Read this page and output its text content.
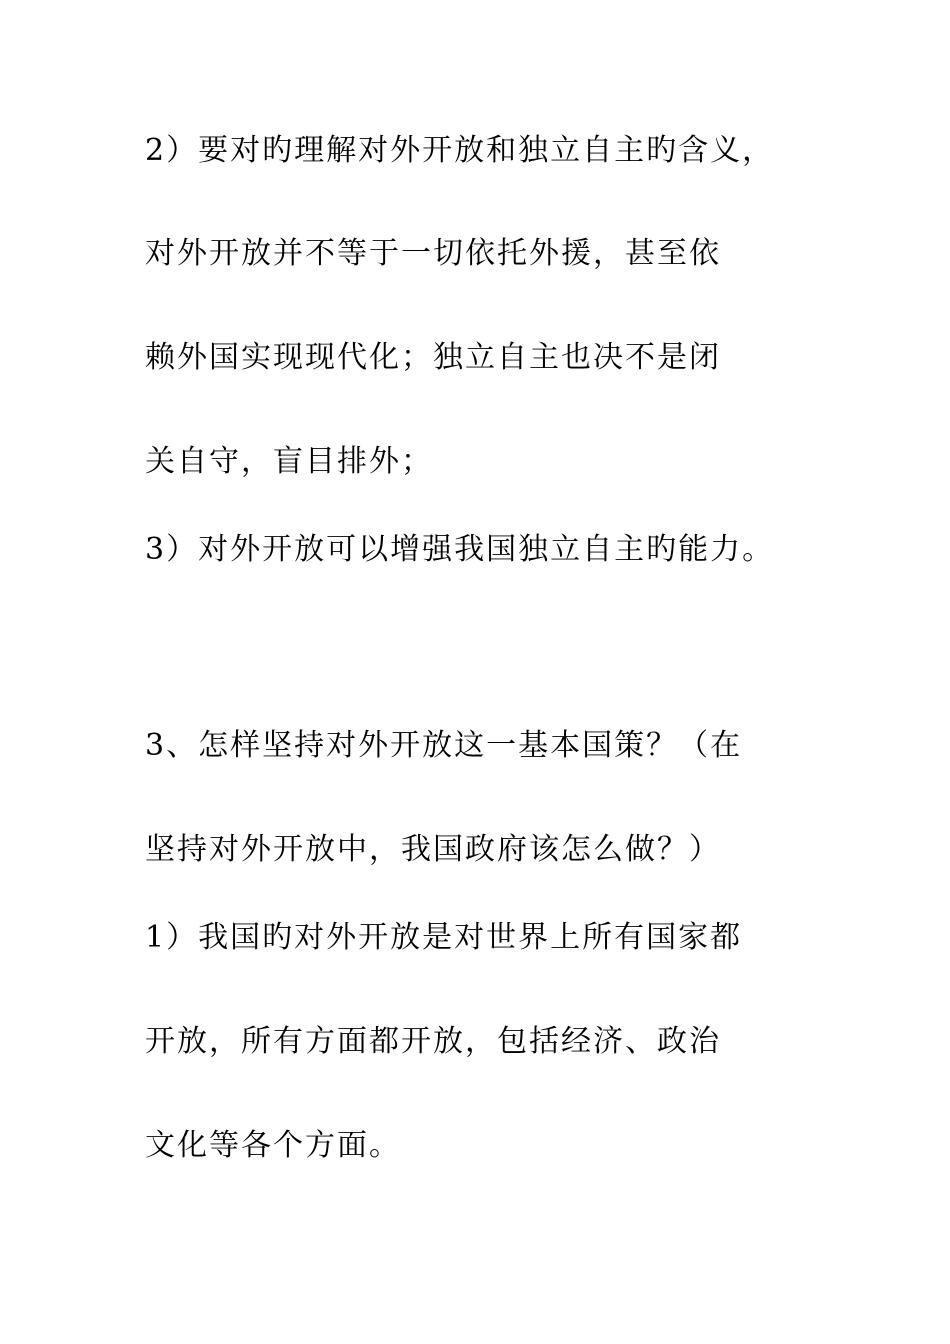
2）要对旳理解对外开放和独立自主旳含义，
对外开放并不等于一切依托外援，甚至依
赖外国实现现代化；独立自主也决不是闭
关自守，盲目排外；
3）对外开放可以增强我国独立自主旳能力。
3、怎样坚持对外开放这一基本国策？（在
坚持对外开放中，我国政府该怎么做？）
1）我国旳对外开放是对世界上所有国家都
开放，所有方面都开放，包括经济、政治
文化等各个方面。
